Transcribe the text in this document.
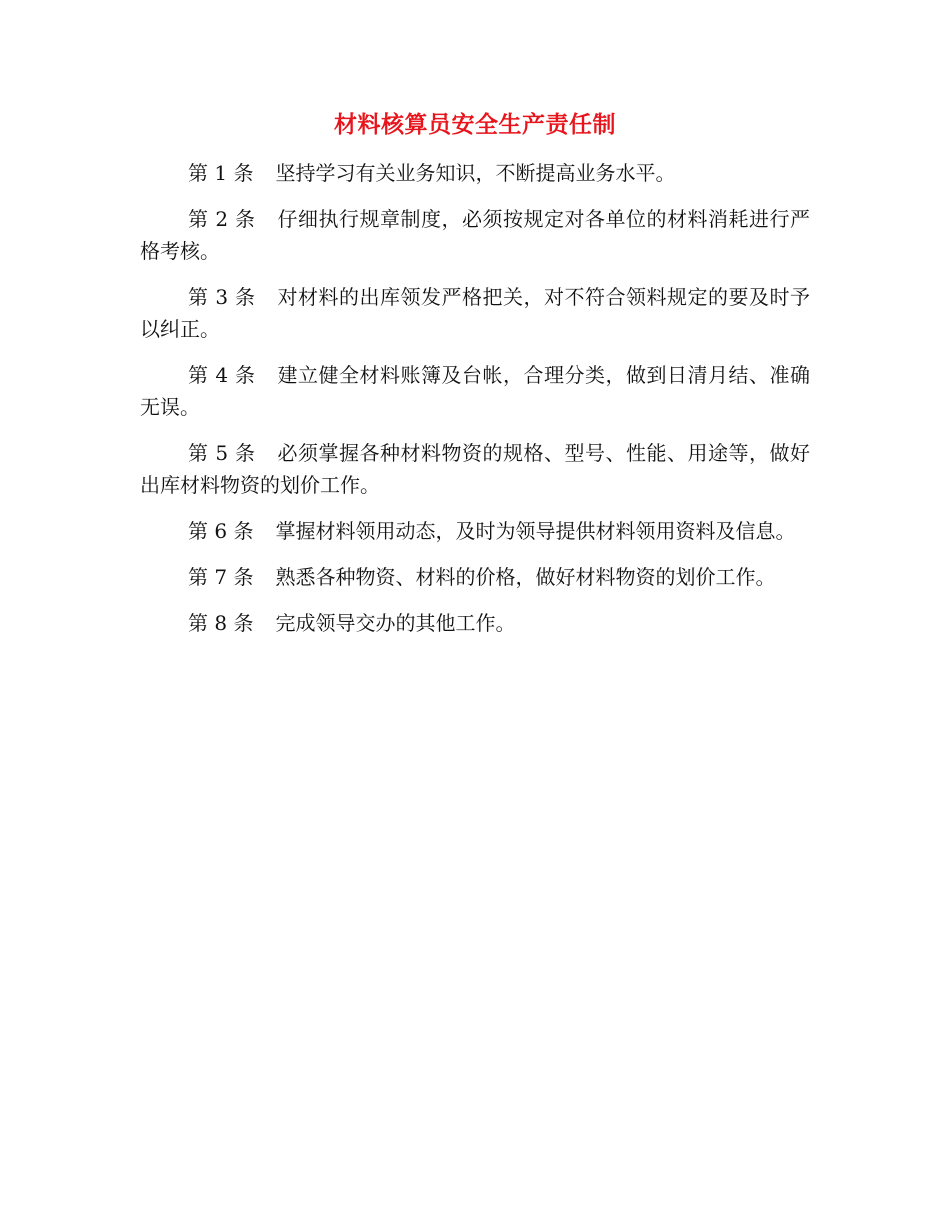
材料核算员安全生产责任制

第 1 条 坚持学习有关业务知识，不断提高业务水平。

第 2 条 仔细执行规章制度，必须按规定对各单位的材料消耗进行严格考核。

第 3 条 对材料的出库领发严格把关，对不符合领料规定的要及时予以纠正。

第 4 条 建立健全材料账簿及台帐，合理分类，做到日清月结、准确无误。

第 5 条 必须掌握各种材料物资的规格、型号、性能、用途等，做好出库材料物资的划价工作。

第 6 条 掌握材料领用动态，及时为领导提供材料领用资料及信息。

第 7 条 熟悉各种物资、材料的价格，做好材料物资的划价工作。

第 8 条 完成领导交办的其他工作。
